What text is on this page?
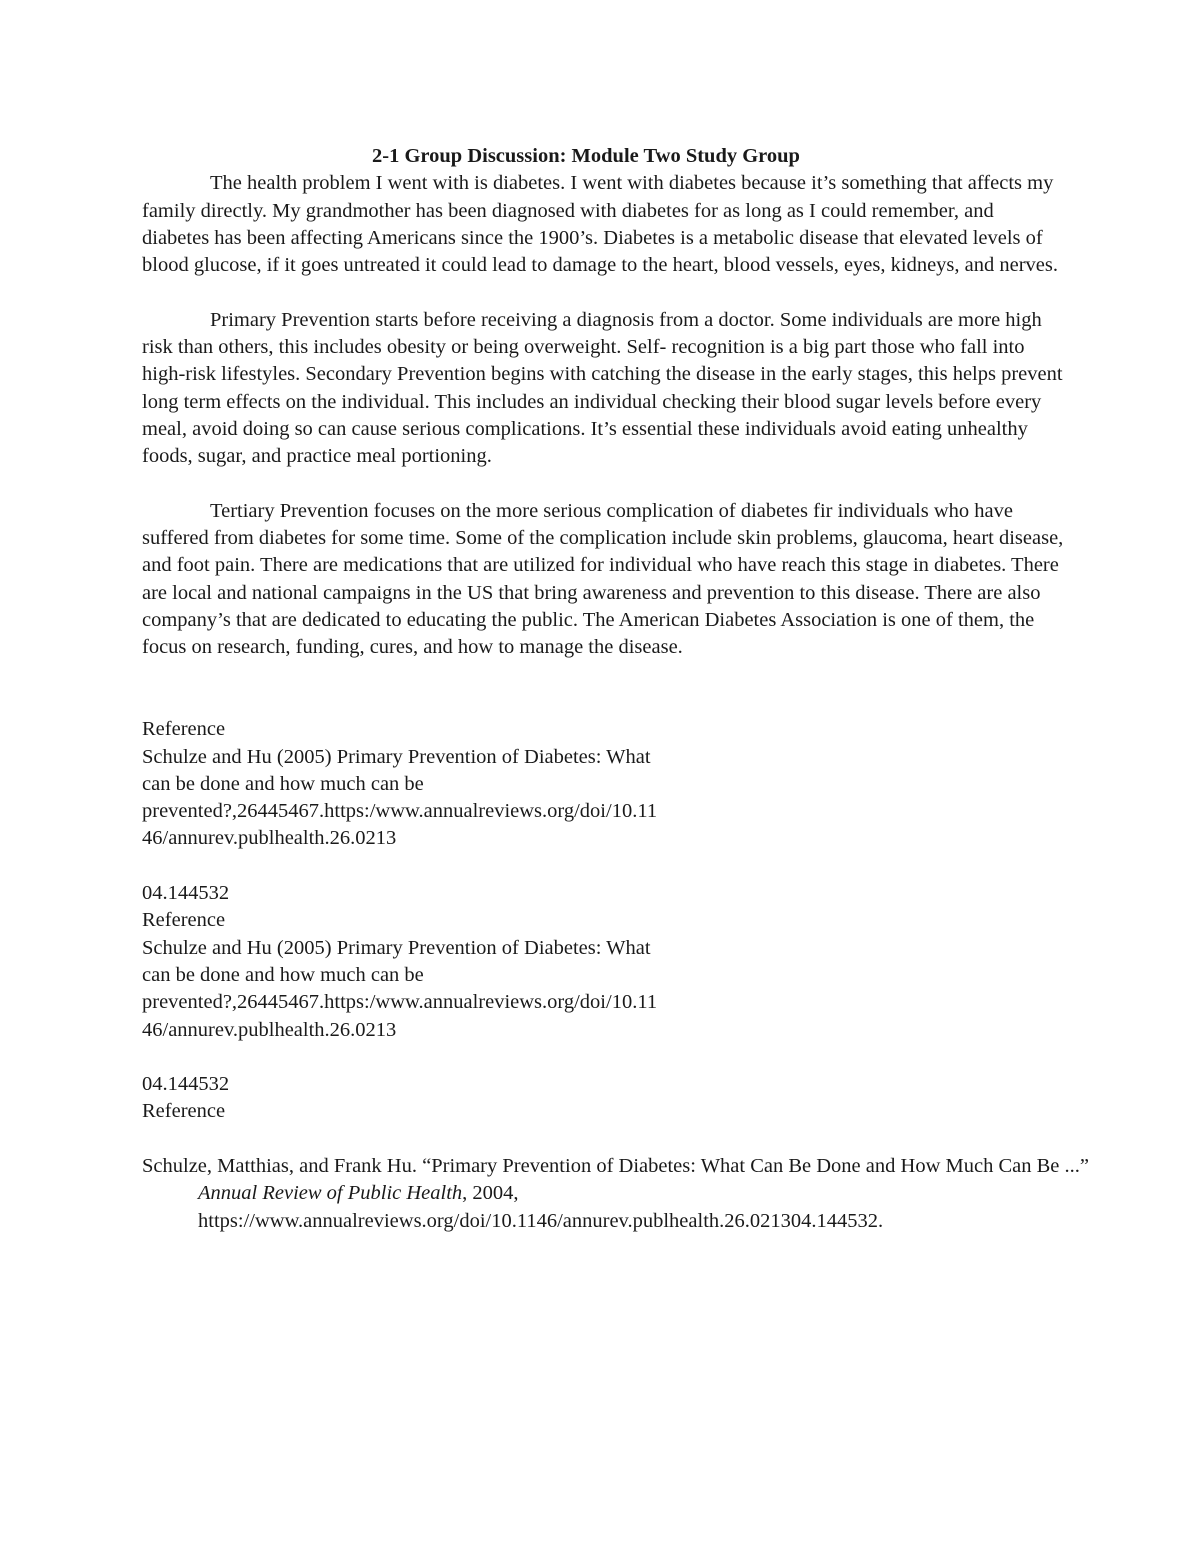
2-1 Group Discussion: Module Two Study Group

The health problem I went with is diabetes. I went with diabetes because it’s something that affects my family directly. My grandmother has been diagnosed with diabetes for as long as I could remember, and diabetes has been affecting Americans since the 1900’s. Diabetes is a metabolic disease that elevated levels of blood glucose, if it goes untreated it could lead to damage to the heart, blood vessels, eyes, kidneys, and nerves.

Primary Prevention starts before receiving a diagnosis from a doctor. Some individuals are more high risk than others, this includes obesity or being overweight. Self- recognition is a big part those who fall into high-risk lifestyles. Secondary Prevention begins with catching the disease in the early stages, this helps prevent long term effects on the individual. This includes an individual checking their blood sugar levels before every meal, avoid doing so can cause serious complications. It’s essential these individuals avoid eating unhealthy foods, sugar, and practice meal portioning.

Tertiary Prevention focuses on the more serious complication of diabetes fir individuals who have suffered from diabetes for some time. Some of the complication include skin problems, glaucoma, heart disease, and foot pain. There are medications that are utilized for individual who have reach this stage in diabetes. There are local and national campaigns in the US that bring awareness and prevention to this disease. There are also company’s that are dedicated to educating the public. The American Diabetes Association is one of them, the focus on research, funding, cures, and how to manage the disease.

Reference
Schulze and Hu (2005) Primary Prevention of Diabetes: What
can be done and how much can be
prevented?,26445467.https:/www.annualreviews.org/doi/10.11
46/annurev.publhealth.26.0213
04.144532
Reference
Schulze and Hu (2005) Primary Prevention of Diabetes: What
can be done and how much can be
prevented?,26445467.https:/www.annualreviews.org/doi/10.11
46/annurev.publhealth.26.0213
04.144532
Reference

Schulze, Matthias, and Frank Hu. “Primary Prevention of Diabetes: What Can Be Done and How Much Can Be ...” Annual Review of Public Health, 2004, https://www.annualreviews.org/doi/10.1146/annurev.publhealth.26.021304.144532.
